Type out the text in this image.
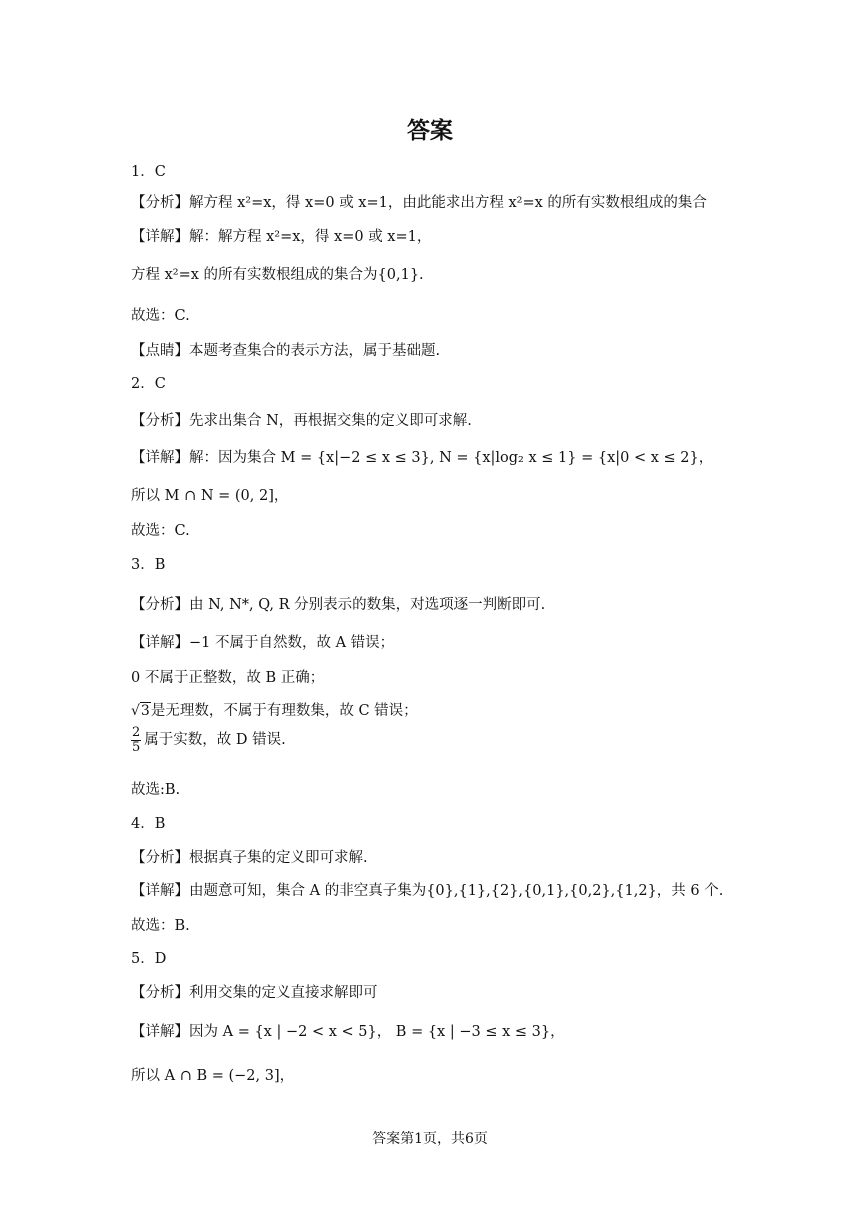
答案
1．C
【分析】解方程 x²=x，得 x=0 或 x=1，由此能求出方程 x²=x 的所有实数根组成的集合
【详解】解：解方程 x²=x，得 x=0 或 x=1，
方程 x²=x 的所有实数根组成的集合为{0,1}.
故选：C.
【点睛】本题考查集合的表示方法，属于基础题.
2．C
【分析】先求出集合 N，再根据交集的定义即可求解.
【详解】解：因为集合 M = {x|−2 ≤ x ≤ 3}, N = {x|log₂ x ≤ 1} = {x|0 < x ≤ 2}，
所以 M ∩ N = (0, 2]，
故选：C.
3．B
【分析】由 N, N*, Q, R 分别表示的数集，对选项逐一判断即可.
【详解】−1 不属于自然数，故 A 错误；
0 不属于正整数，故 B 正确；
√3是无理数，不属于有理数集，故 C 错误；
$\frac{2}{5}$ 属于实数，故 D 错误.
故选:B.
4．B
【分析】根据真子集的定义即可求解.
【详解】由题意可知，集合 A 的非空真子集为{0},{1},{2},{0,1},{0,2},{1,2}，共 6 个.
故选：B.
5．D
【分析】利用交集的定义直接求解即可
【详解】因为 A = {x | −2 < x < 5}， B = {x | −3 ≤ x ≤ 3}，
所以 A ∩ B = (−2, 3]，
答案第1页，共6页
